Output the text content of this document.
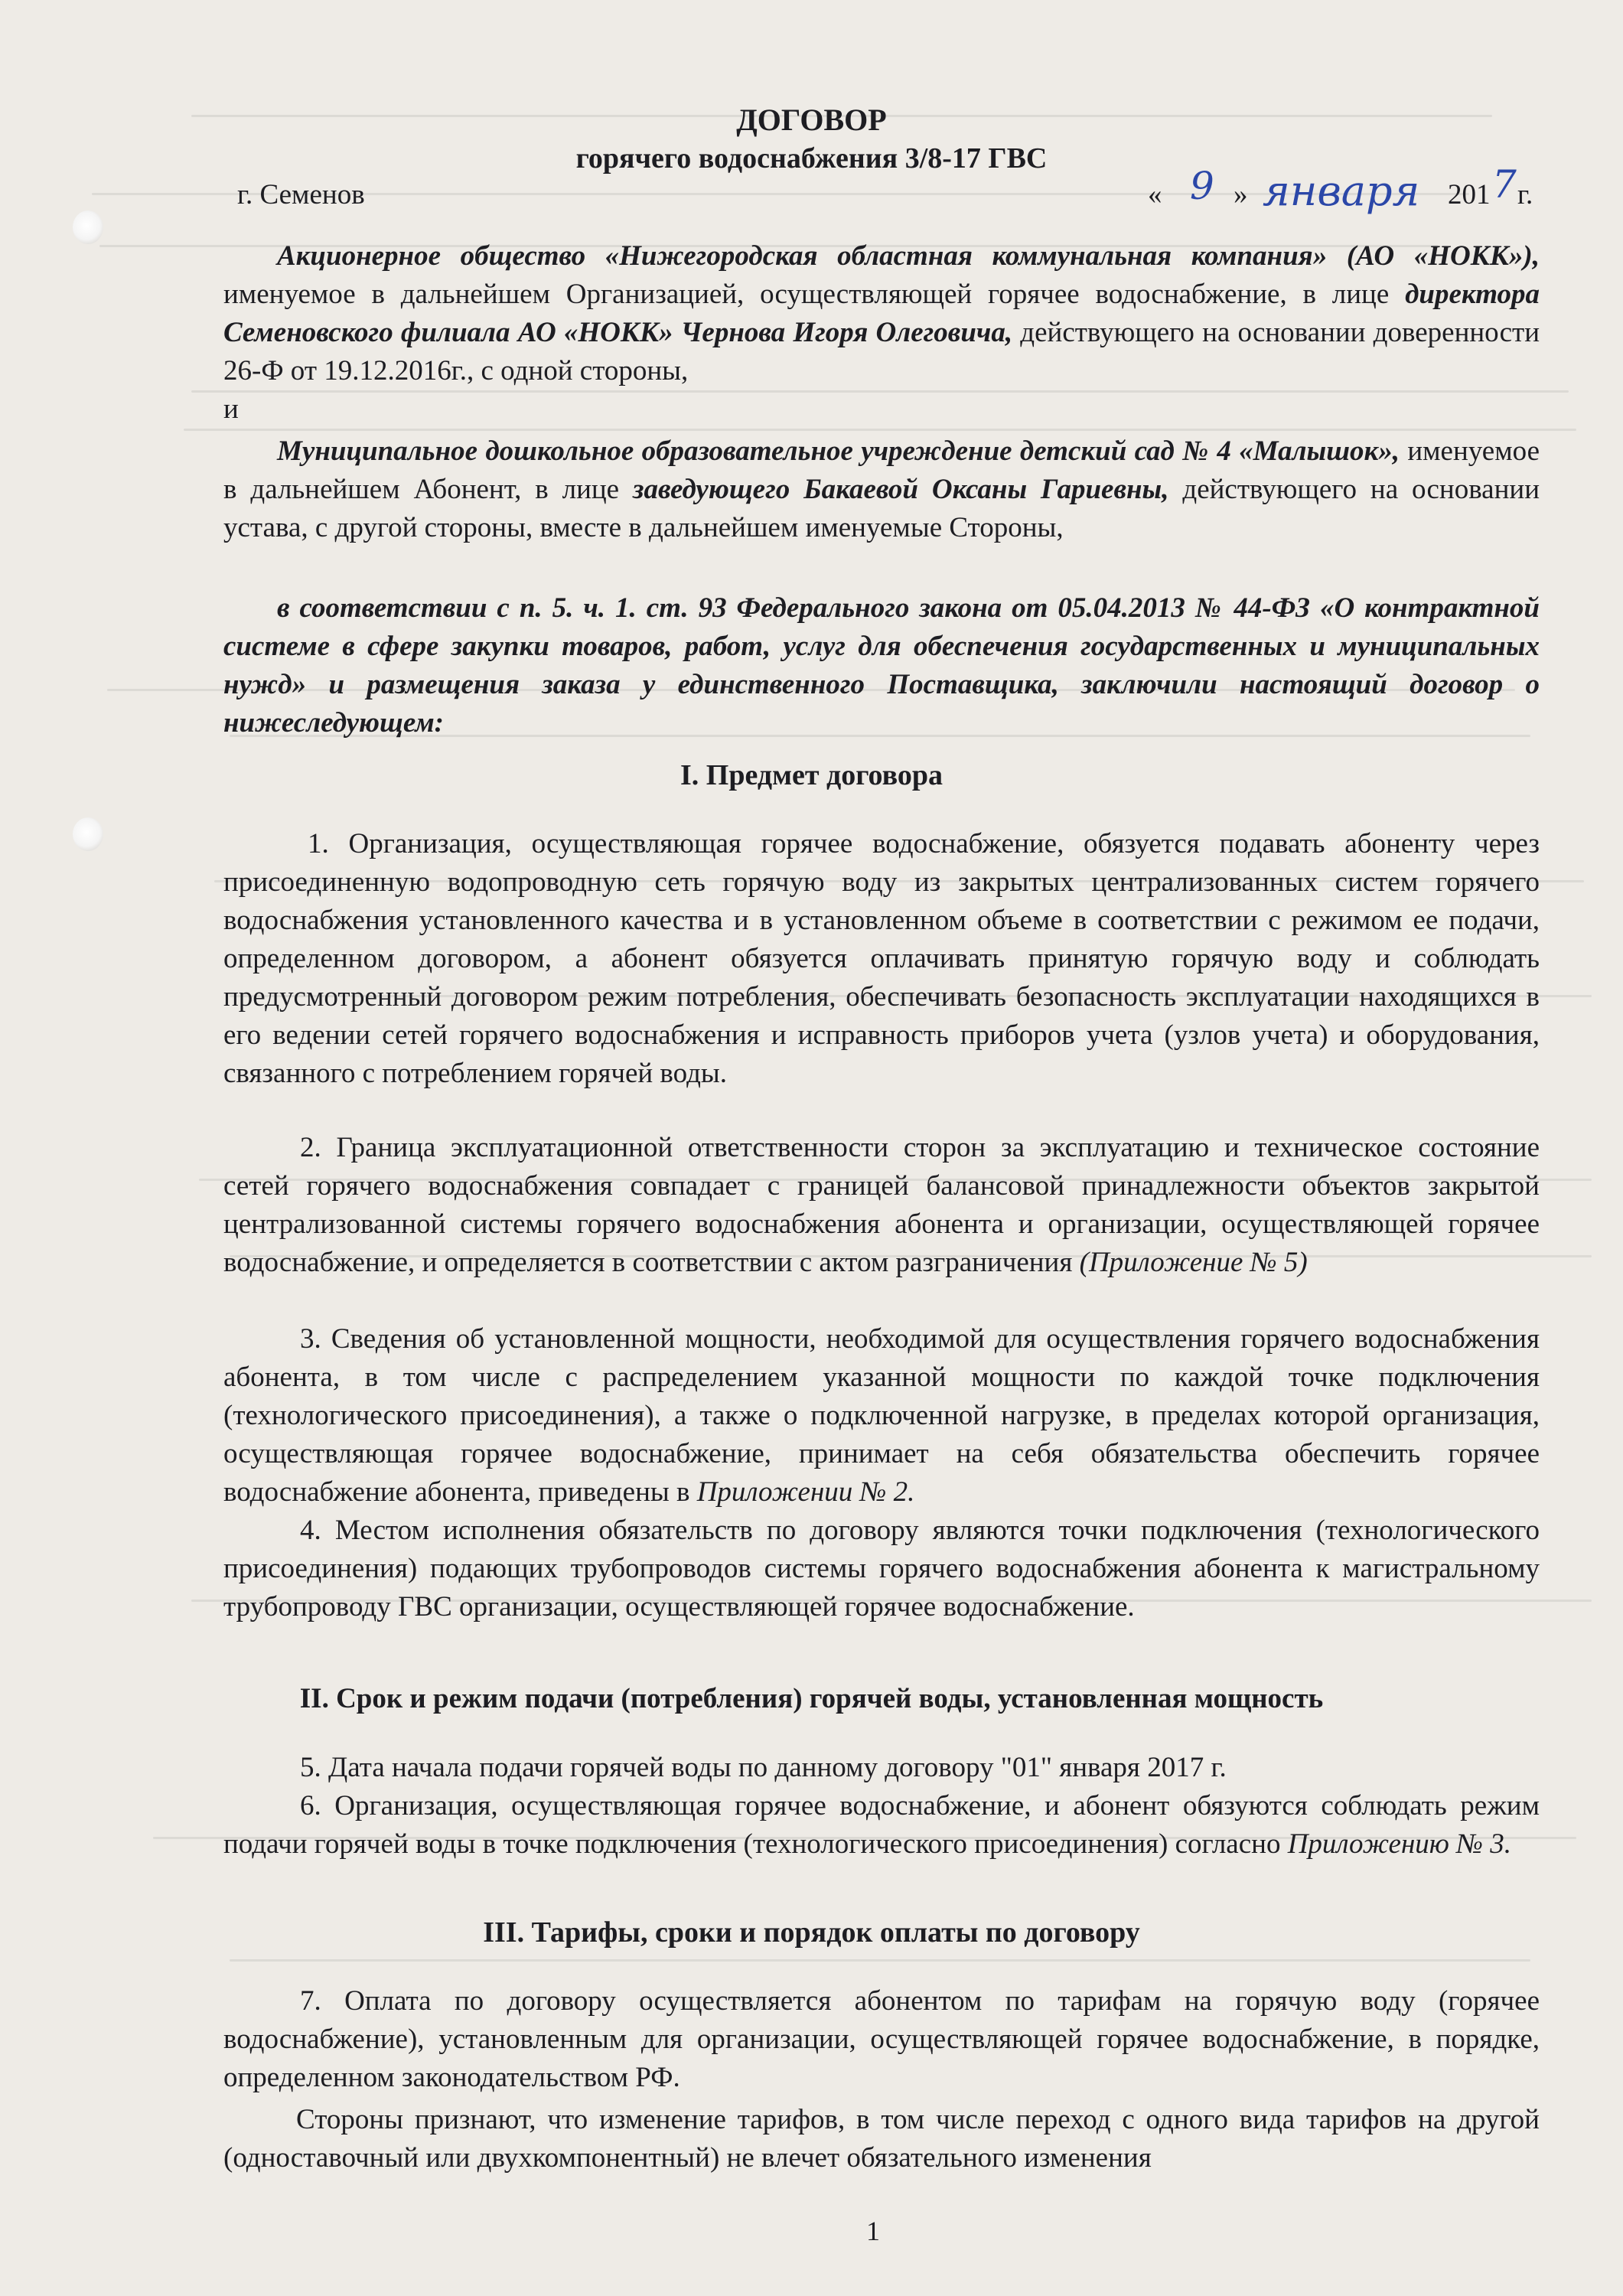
ДОГОВОР
горячего водоснабжения 3/8-17 ГВС
г. Семенов	« 9 » января 201 7 г.
Акционерное общество «Нижегородская областная коммунальная компания» (АО «НОКК»), именуемое в дальнейшем Организацией, осуществляющей горячее водоснабжение, в лице директора Семеновского филиала АО «НОКК» Чернова Игоря Олеговича, действующего на основании доверенности 26-Ф от 19.12.2016г., с одной стороны,
и
Муниципальное дошкольное образовательное учреждение детский сад № 4 «Малышок», именуемое в дальнейшем Абонент, в лице заведующего Бакаевой Оксаны Гариевны, действующего на основании устава, с другой стороны, вместе в дальнейшем именуемые Стороны,
в соответствии с п. 5. ч. 1. ст. 93 Федерального закона от 05.04.2013 № 44-ФЗ «О контрактной системе в сфере закупки товаров, работ, услуг для обеспечения государственных и муниципальных нужд» и размещения заказа у единственного Поставщика, заключили настоящий договор о нижеследующем:
I. Предмет договора
1. Организация, осуществляющая горячее водоснабжение, обязуется подавать абоненту через присоединенную водопроводную сеть горячую воду из закрытых централизованных систем горячего водоснабжения установленного качества и в установленном объеме в соответствии с режимом ее подачи, определенном договором, а абонент обязуется оплачивать принятую горячую воду и соблюдать предусмотренный договором режим потребления, обеспечивать безопасность эксплуатации находящихся в его ведении сетей горячего водоснабжения и исправность приборов учета (узлов учета) и оборудования, связанного с потреблением горячей воды.
2. Граница эксплуатационной ответственности сторон за эксплуатацию и техническое состояние сетей горячего водоснабжения совпадает с границей балансовой принадлежности объектов закрытой централизованной системы горячего водоснабжения абонента и организации, осуществляющей горячее водоснабжение, и определяется в соответствии с актом разграничения (Приложение № 5)
3. Сведения об установленной мощности, необходимой для осуществления горячего водоснабжения абонента, в том числе с распределением указанной мощности по каждой точке подключения (технологического присоединения), а также о подключенной нагрузке, в пределах которой организация, осуществляющая горячее водоснабжение, принимает на себя обязательства обеспечить горячее водоснабжение абонента, приведены в Приложении № 2.
4. Местом исполнения обязательств по договору являются точки подключения (технологического присоединения) подающих трубопроводов системы горячего водоснабжения абонента к магистральному трубопроводу ГВС организации, осуществляющей горячее водоснабжение.
II. Срок и режим подачи (потребления) горячей воды, установленная мощность
5. Дата начала подачи горячей воды по данному договору "01" января 2017 г.
6. Организация, осуществляющая горячее водоснабжение, и абонент обязуются соблюдать режим подачи горячей воды в точке подключения (технологического присоединения) согласно Приложению № 3.
III. Тарифы, сроки и порядок оплаты по договору
7. Оплата по договору осуществляется абонентом по тарифам на горячую воду (горячее водоснабжение), установленным для организации, осуществляющей горячее водоснабжение, в порядке, определенном законодательством РФ.
Стороны признают, что изменение тарифов, в том числе переход с одного вида тарифов на другой (одноставочный или двухкомпонентный) не влечет обязательного изменения
1
